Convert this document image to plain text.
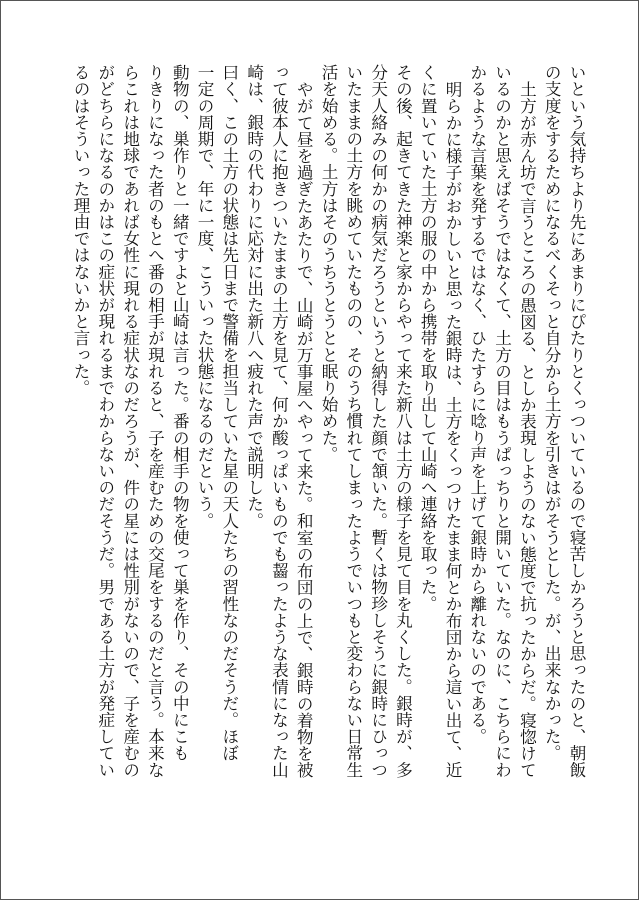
いという気持ちより先にあまりにぴたりとくっついているので寝苦しかろうと思ったのと、朝飯

の支度をするためになるべくそっと自分から土方を引きはがそうとした。が、出来なかった。

土方が赤ん坊で言うところの愚図る、としか表現しようのない態度で抗ったからだ。寝惚けて

いるのかと思えばそうではなくて、土方の目はもうぱっちりと開いていた。なのに、こちらにわ

かるような言葉を発するではなく、ひたすらに唸り声を上げて銀時から離れないのである。

明らかに様子がおかしいと思った銀時は、土方をくっつけたまま何とか布団から這い出て、近

くに置いていた土方の服の中から携帯を取り出して山崎へ連絡を取った。

その後、起きてきた神楽と家からやって来た新八は土方の様子を見て目を丸くした。銀時が、多

分天人絡みの何かの病気だろうというと納得した顔で頷いた。暫くは物珍しそうに銀時にひっつ

いたままの土方を眺めていたものの、そのうち慣れてしまったようでいつもと変わらない日常生

活を始める。土方はそのうちうとうとと眠り始めた。

やがて昼を過ぎたあたりで、山崎が万事屋へやって来た。和室の布団の上で、銀時の着物を被

って彼本人に抱きついたままの土方を見て、何か酸っぱいものでも齧ったような表情になった山

崎は、銀時の代わりに応対に出た新八へ疲れた声で説明した。

曰く、この土方の状態は先日まで警備を担当していた星の天人たちの習性なのだそうだ。ほぼ

一定の周期で、年に一度、こういった状態になるのだという。

動物の、巣作りと一緒ですよと山崎は言った。番の相手の物を使って巣を作り、その中にこも

りきりになった者のもとへ番の相手が現れると、子を産むための交尾をするのだと言う。本来な

らこれは地球であれば女性に現れる症状なのだろうが、件の星には性別がないので、子を産むの

がどちらになるのかはこの症状が現れるまでわからないのだそうだ。男である土方が発症してい

るのはそういった理由ではないかと言った。
